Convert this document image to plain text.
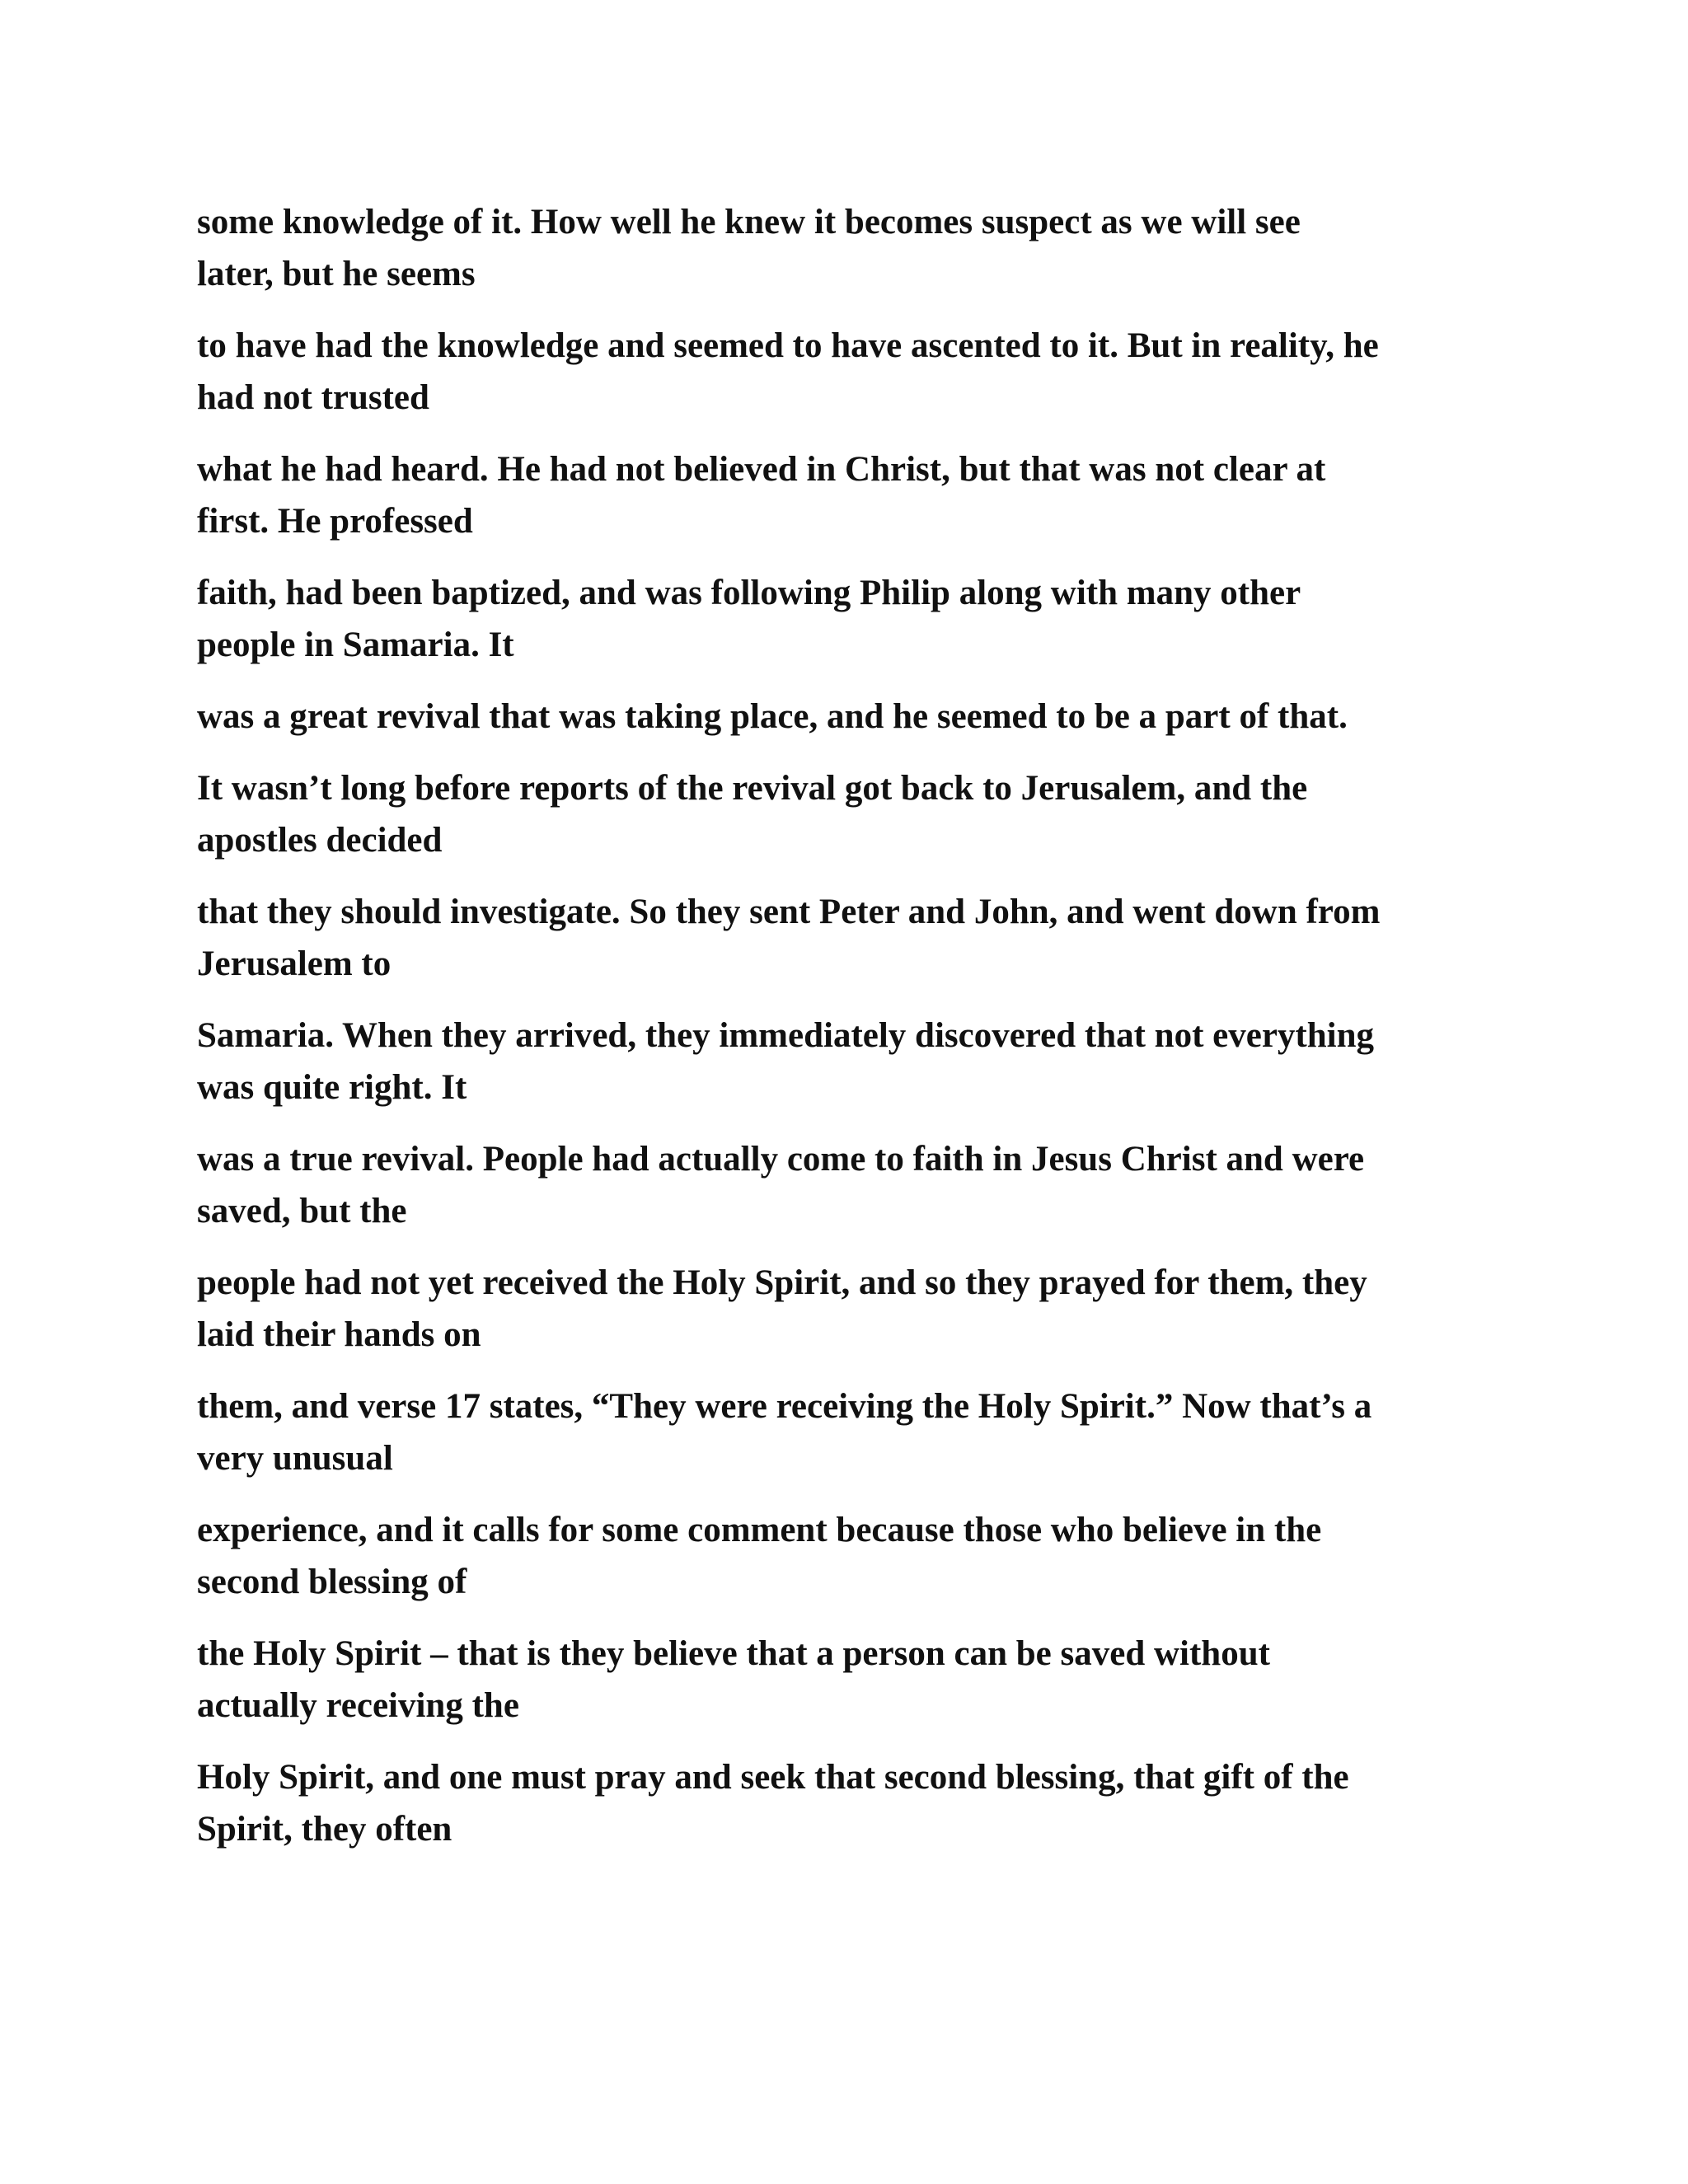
some knowledge of it. How well he knew it becomes suspect as we will see
later, but he seems

to have had the knowledge and seemed to have ascented to it. But in reality, he
had not trusted

what he had heard. He had not believed in Christ, but that was not clear at
first. He professed

faith, had been baptized, and was following Philip along with many other
people in Samaria. It

was a great revival that was taking place, and he seemed to be a part of that.

It wasn’t long before reports of the revival got back to Jerusalem, and the
apostles decided

that they should investigate. So they sent Peter and John, and went down from
Jerusalem to

Samaria. When they arrived, they immediately discovered that not everything
was quite right. It

was a true revival. People had actually come to faith in Jesus Christ and were
saved, but the

people had not yet received the Holy Spirit, and so they prayed for them, they
laid their hands on

them, and verse 17 states, “They were receiving the Holy Spirit.” Now that’s a
very unusual

experience, and it calls for some comment because those who believe in the
second blessing of

the Holy Spirit – that is they believe that a person can be saved without
actually receiving the

Holy Spirit, and one must pray and seek that second blessing, that gift of the
Spirit, they often
